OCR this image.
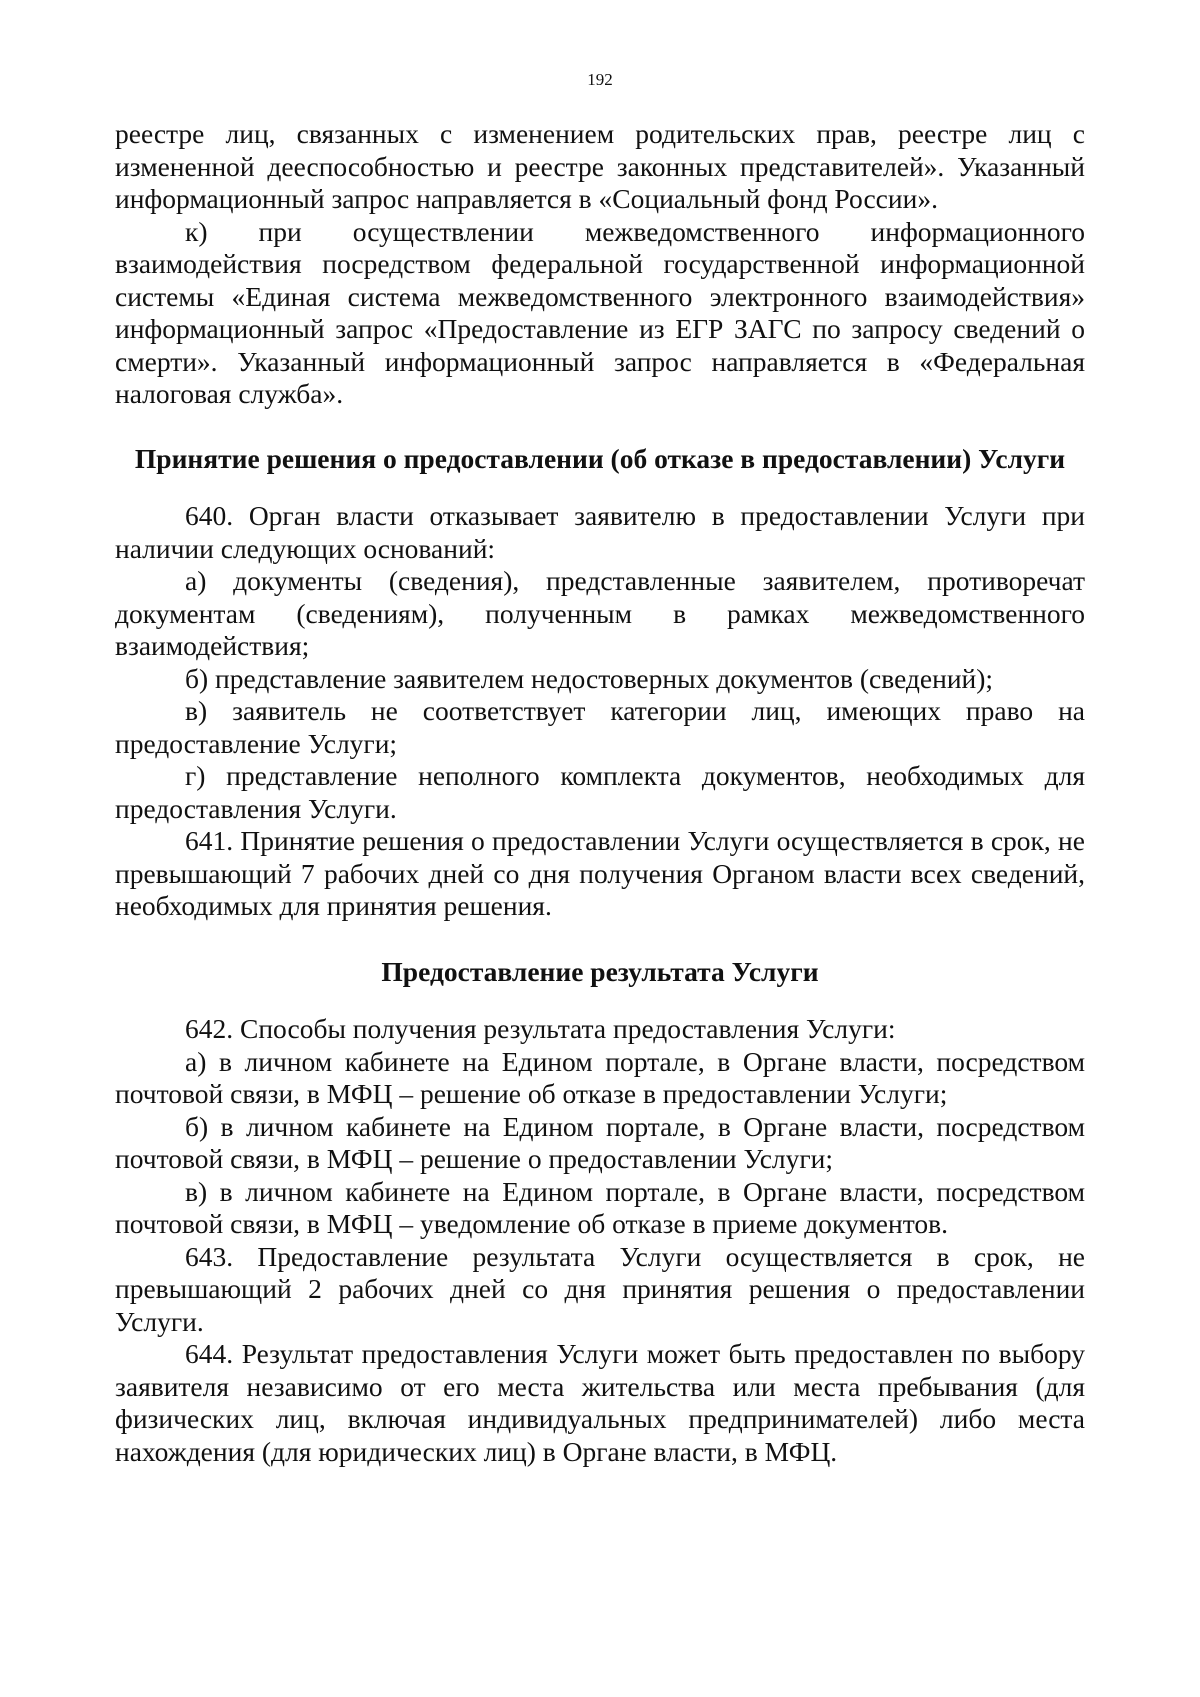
192

реестре лиц, связанных с изменением родительских прав, реестре лиц с измененной дееспособностью и реестре законных представителей». Указанный информационный запрос направляется в «Социальный фонд России».

к) при осуществлении межведомственного информационного взаимодействия посредством федеральной государственной информационной системы «Единая система межведомственного электронного взаимодействия» информационный запрос «Предоставление из ЕГР ЗАГС по запросу сведений о смерти». Указанный информационный запрос направляется в «Федеральная налоговая служба».

Принятие решения о предоставлении (об отказе в предоставлении) Услуги

640. Орган власти отказывает заявителю в предоставлении Услуги при наличии следующих оснований:

а) документы (сведения), представленные заявителем, противоречат документам (сведениям), полученным в рамках межведомственного взаимодействия;

б) представление заявителем недостоверных документов (сведений);

в) заявитель не соответствует категории лиц, имеющих право на предоставление Услуги;

г) представление неполного комплекта документов, необходимых для предоставления Услуги.

641. Принятие решения о предоставлении Услуги осуществляется в срок, не превышающий 7 рабочих дней со дня получения Органом власти всех сведений, необходимых для принятия решения.

Предоставление результата Услуги

642. Способы получения результата предоставления Услуги:

а) в личном кабинете на Едином портале, в Органе власти, посредством почтовой связи, в МФЦ – решение об отказе в предоставлении Услуги;

б) в личном кабинете на Едином портале, в Органе власти, посредством почтовой связи, в МФЦ – решение о предоставлении Услуги;

в) в личном кабинете на Едином портале, в Органе власти, посредством почтовой связи, в МФЦ – уведомление об отказе в приеме документов.

643. Предоставление результата Услуги осуществляется в срок, не превышающий 2 рабочих дней со дня принятия решения о предоставлении Услуги.

644. Результат предоставления Услуги может быть предоставлен по выбору заявителя независимо от его места жительства или места пребывания (для физических лиц, включая индивидуальных предпринимателей) либо места нахождения (для юридических лиц) в Органе власти, в МФЦ.
